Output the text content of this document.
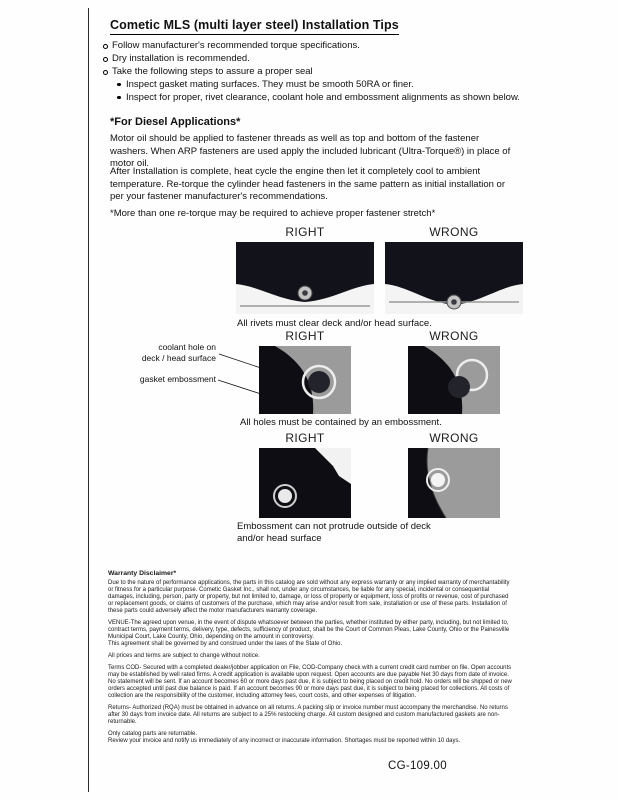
Cometic MLS (multi layer steel) Installation Tips
Follow manufacturer's recommended torque specifications.
Dry installation is recommended.
Take the following steps to assure a proper seal
Inspect gasket mating surfaces. They must be smooth 50RA or finer.
Inspect for proper, rivet clearance, coolant hole and embossment alignments as shown below.
*For Diesel Applications*

Motor oil should be applied to fastener threads as well as top and bottom of the fastener washers. When ARP fasteners are used apply the included lubricant (Ultra-Torque®) in place of motor oil.

After Installation is complete, heat cycle the engine then let it completely cool to ambient temperature. Re-torque the cylinder head fasteners in the same pattern as initial installation or per your fastener manufacturer's recommendations.

*More than one re-torque may be required to achieve proper fastener stretch*

RIGHT	WRONG
All rivets must clear deck and/or head surface.
RIGHT	WRONG
coolant hole on
deck / head surface
gasket embossment
All holes must be contained by an embossment.
RIGHT	WRONG
Embossment can not protrude outside of deck
and/or head surface
Warranty Disclaimer*

Due to the nature of performance applications, the parts in this catalog are sold without any express warranty or any implied warranty of merchantability or fitness for a particular purpose. Cometic Gasket Inc., shall not, under any circumstances, be liable for any special, incidental or consequential damages, including, person, party or property, but not limited to, damage, or loss of property or equipment, loss of profits or revenue, cost of purchased or replacement goods, or claims of customers of the purchase, which may arise and/or result from sale, installation or use of these parts. Installation of these parts could adversely affect the motor manufacturers warranty coverage.

VENUE-The agreed upon venue, in the event of dispute whatsoever between the parties, whether instituted by either party, including, but not limited to, contract terms, payment terms, delivery, type, defects, sufficiency of product, shall be the Court of Common Pleas, Lake County, Ohio or the Painesville Municipal Court, Lake County, Ohio, depending on the amount in controversy.

This agreement shall be governed by and construed under the laws of the State of Ohio.

All prices and terms are subject to change without notice.

Terms COD- Secured with a completed dealer/jobber application on File, COD-Company check with a current credit card number on file. Open accounts may be established by well rated firms. A credit application is available upon request. Open accounts are due payable Net 30 days from date of invoice. No statement will be sent. If an account becomes 60 or more days past due, it is subject to being placed on credit hold. No orders will be shipped or new orders accepted until past due balance is paid. If an account becomes 90 or more days past due, it is subject to being placed for collections. All costs of collection are the responsibility of the customer, including attorney fees, court costs, and other expenses of litigation.

Returns- Authorized (RQA) must be obtained in advance on all returns. A packing slip or invoice number must accompany the merchandise. No returns after 30 days from invoice date. All returns are subject to a 25% restocking charge. All custom designed and custom manufactured gaskets are non-returnable.

Only catalog parts are returnable.

Review your invoice and notify us immediately of any incorrect or inaccurate information. Shortages must be reported within 10 days.

CG-109.00
